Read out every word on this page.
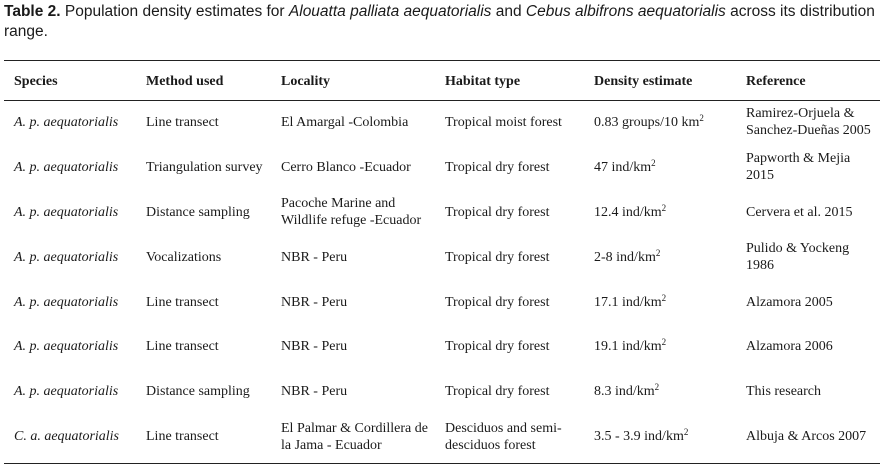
Table 2. Population density estimates for Alouatta palliata aequatorialis and Cebus albifrons aequatorialis across its distribution range.
Species	Method used	Locality	Habitat type	Density estimate	Reference

A. p. aequatorialis	Line transect	El Amargal -Colombia	Tropical moist forest	0.83 groups/10 $km^2$	Ramirez-Orjuela & Sanchez-Dueñas 2005
A. p. aequatorialis	Triangulation survey	Cerro Blanco -Ecuador	Tropical dry forest	47 ind/$km^2$	Papworth & Mejia 2015
A. p. aequatorialis	Distance sampling	Pacoche Marine and Wildlife refuge -Ecuador	Tropical dry forest	12.4 ind/$km^2$	Cervera et al. 2015
A. p. aequatorialis	Vocalizations	NBR - Peru	Tropical dry forest	2-8 ind/$km^2$	Pulido & Yockeng 1986
A. p. aequatorialis	Line transect	NBR - Peru	Tropical dry forest	17.1 ind/$km^2$	Alzamora 2005
A. p. aequatorialis	Line transect	NBR - Peru	Tropical dry forest	19.1 ind/$km^2$	Alzamora 2006
A. p. aequatorialis	Distance sampling	NBR - Peru	Tropical dry forest	8.3 ind/$km^2$	This research
C. a. aequatorialis	Line transect	El Palmar & Cordillera de la Jama - Ecuador	Desciduos and semi-desciduos forest	3.5 - 3.9 ind/$km^2$	Albuja & Arcos 2007
